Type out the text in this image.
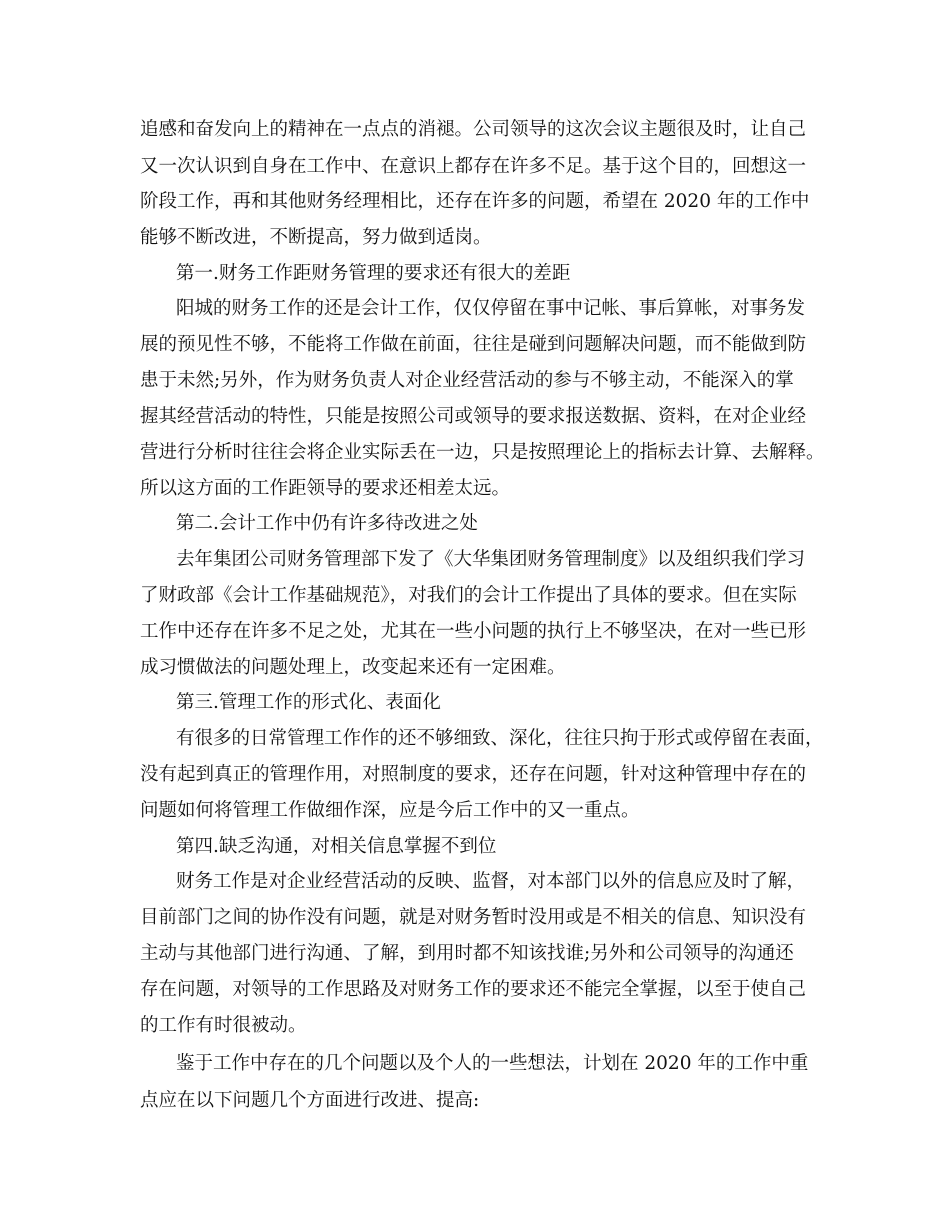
追感和奋发向上的精神在一点点的消褪。公司领导的这次会议主题很及时，让自己
又一次认识到自身在工作中、在意识上都存在许多不足。基于这个目的，回想这一
阶段工作，再和其他财务经理相比，还存在许多的问题，希望在 2020 年的工作中
能够不断改进，不断提高，努力做到适岗。
第一.财务工作距财务管理的要求还有很大的差距
阳城的财务工作的还是会计工作，仅仅停留在事中记帐、事后算帐，对事务发
展的预见性不够，不能将工作做在前面，往往是碰到问题解决问题，而不能做到防
患于未然;另外，作为财务负责人对企业经营活动的参与不够主动，不能深入的掌
握其经营活动的特性，只能是按照公司或领导的要求报送数据、资料，在对企业经
营进行分析时往往会将企业实际丢在一边，只是按照理论上的指标去计算、去解释。
所以这方面的工作距领导的要求还相差太远。
第二.会计工作中仍有许多待改进之处
去年集团公司财务管理部下发了《大华集团财务管理制度》以及组织我们学习
了财政部《会计工作基础规范》，对我们的会计工作提出了具体的要求。但在实际
工作中还存在许多不足之处，尤其在一些小问题的执行上不够坚决，在对一些已形
成习惯做法的问题处理上，改变起来还有一定困难。
第三.管理工作的形式化、表面化
有很多的日常管理工作作的还不够细致、深化，往往只拘于形式或停留在表面，
没有起到真正的管理作用，对照制度的要求，还存在问题，针对这种管理中存在的
问题如何将管理工作做细作深，应是今后工作中的又一重点。
第四.缺乏沟通，对相关信息掌握不到位
财务工作是对企业经营活动的反映、监督，对本部门以外的信息应及时了解，
目前部门之间的协作没有问题，就是对财务暂时没用或是不相关的信息、知识没有
主动与其他部门进行沟通、了解，到用时都不知该找谁;另外和公司领导的沟通还
存在问题，对领导的工作思路及对财务工作的要求还不能完全掌握，以至于使自己
的工作有时很被动。
鉴于工作中存在的几个问题以及个人的一些想法，计划在 2020 年的工作中重
点应在以下问题几个方面进行改进、提高:
